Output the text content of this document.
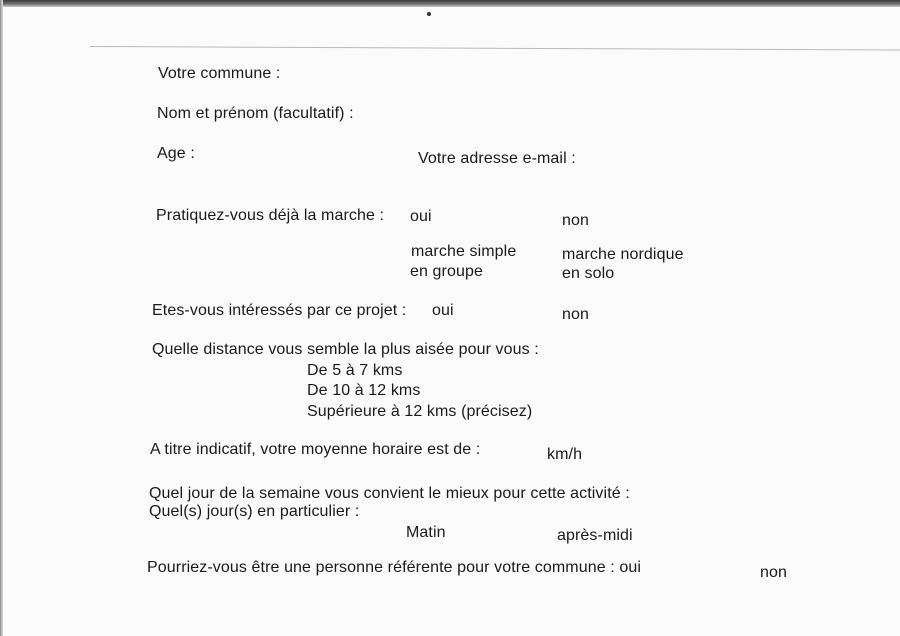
Votre commune :
Nom et prénom (facultatif) :
Age :	Votre adresse e-mail :
Pratiquez-vous déjà la marche : oui	non
marche simple	marche nordique
en groupe	en solo
Etes-vous intéressés par ce projet : oui	non
Quelle distance vous semble la plus aisée pour vous :
De 5 à 7 kms
De 10 à 12 kms
Supérieure à 12 kms (précisez)
A titre indicatif, votre moyenne horaire est de :	km/h
Quel jour de la semaine vous convient le mieux pour cette activité :
Quel(s) jour(s) en particulier :
Matin	après-midi
Pourriez-vous être une personne référente pour votre commune : oui	non
